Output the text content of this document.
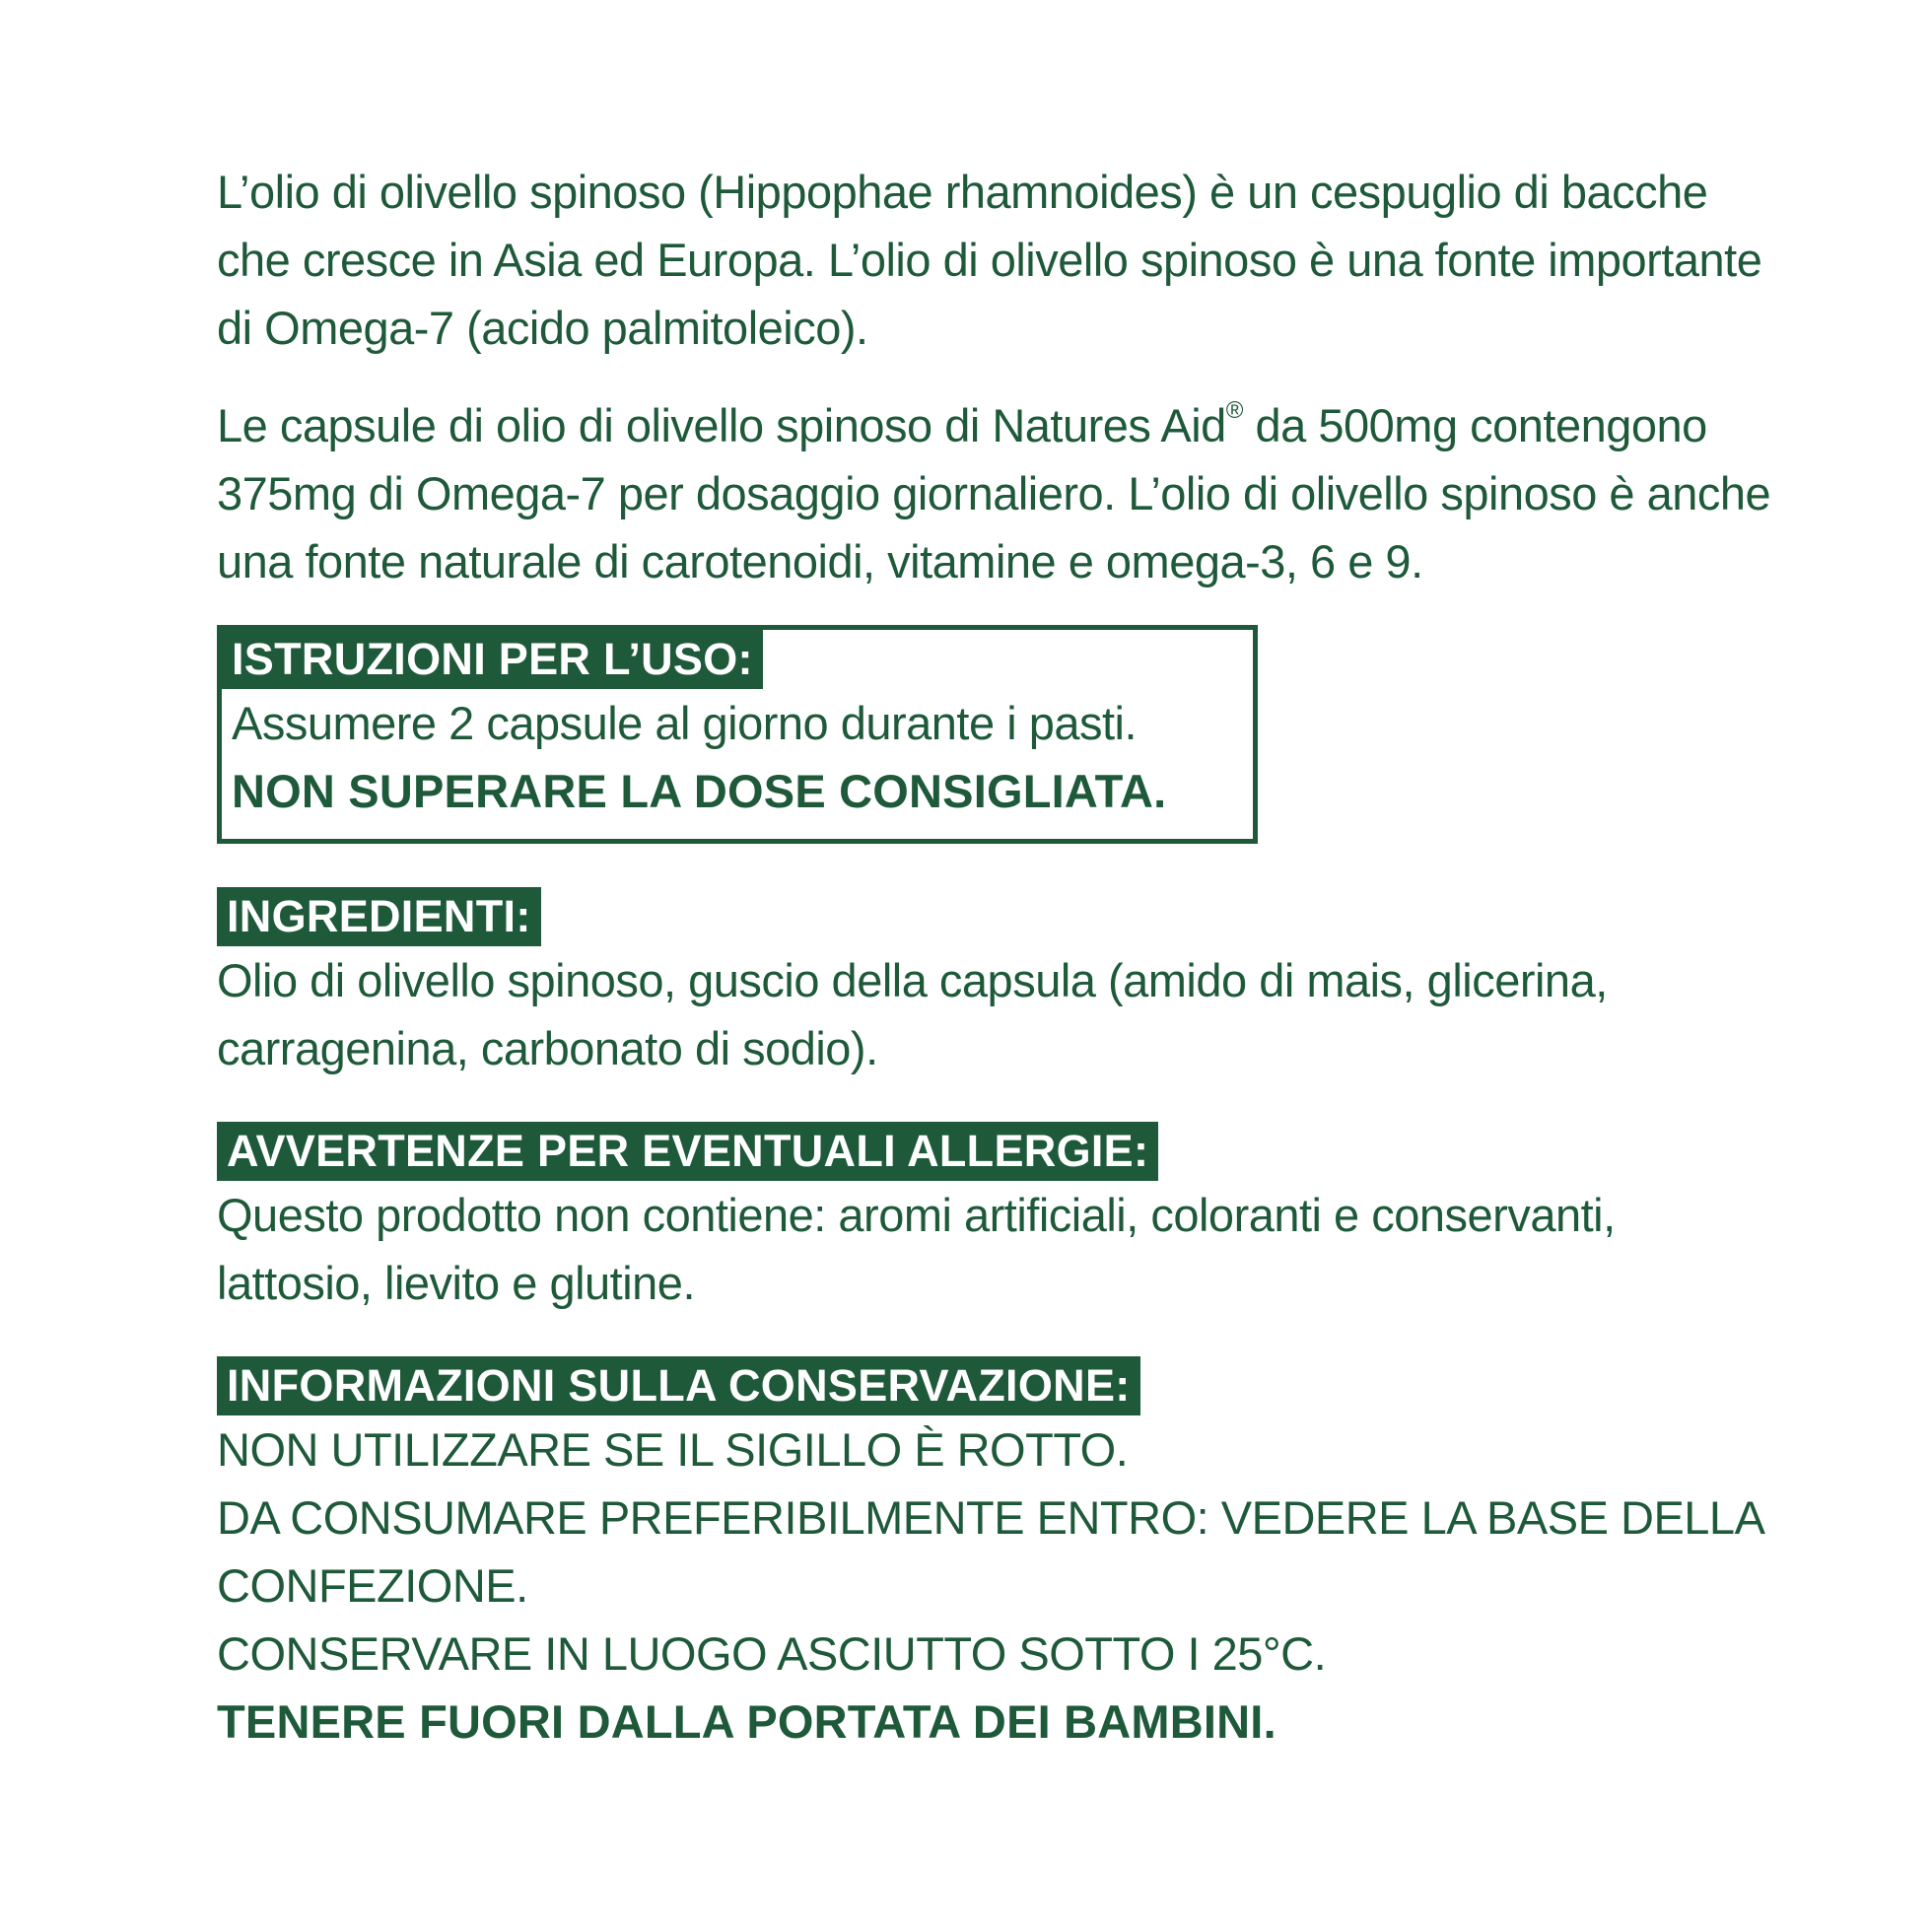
L’olio di olivello spinoso (Hippophae rhamnoides) è un cespuglio di bacche che cresce in Asia ed Europa. L’olio di olivello spinoso è una fonte importante di Omega-7 (acido palmitoleico).

Le capsule di olio di olivello spinoso di Natures Aid® da 500mg contengono 375mg di Omega-7 per dosaggio giornaliero. L’olio di olivello spinoso è anche una fonte naturale di carotenoidi, vitamine e omega-3, 6 e 9.

ISTRUZIONI PER L’USO:
Assumere 2 capsule al giorno durante i pasti.
NON SUPERARE LA DOSE CONSIGLIATA.
INGREDIENTI:
Olio di olivello spinoso, guscio della capsula (amido di mais, glicerina, carragenina, carbonato di sodio).
AVVERTENZE PER EVENTUALI ALLERGIE:
Questo prodotto non contiene: aromi artificiali, coloranti e conservanti, lattosio, lievito e glutine.
INFORMAZIONI SULLA CONSERVAZIONE:
NON UTILIZZARE SE IL SIGILLO È ROTTO.
DA CONSUMARE PREFERIBILMENTE ENTRO: VEDERE LA BASE DELLA CONFEZIONE.
CONSERVARE IN LUOGO ASCIUTTO SOTTO I 25°C.
TENERE FUORI DALLA PORTATA DEI BAMBINI.
